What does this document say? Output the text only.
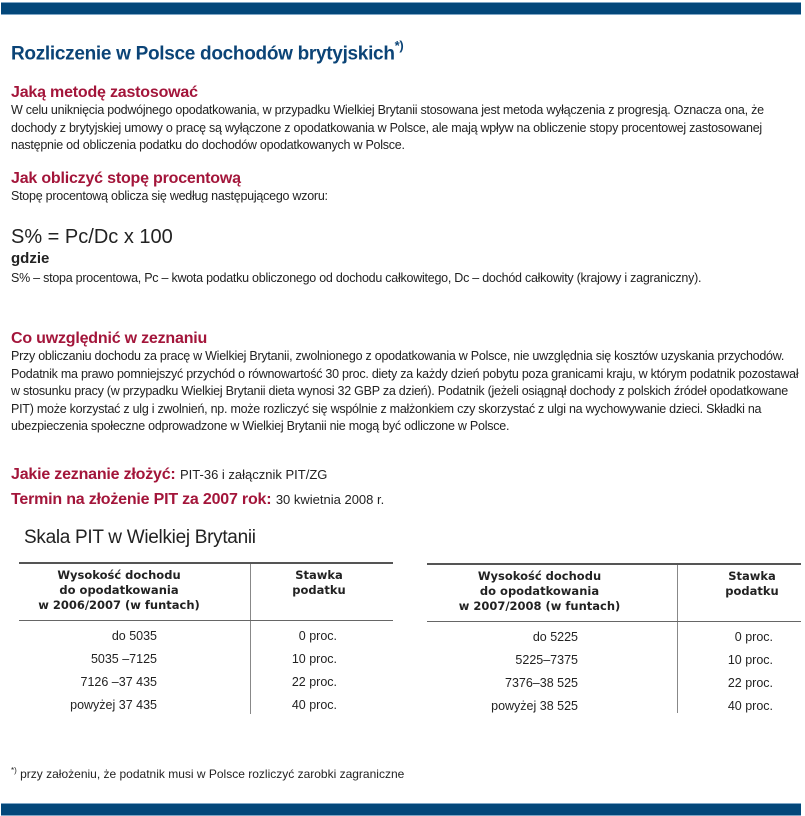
Rozliczenie w Polsce dochodów brytyjskich*)
Jaką metodę zastosować
W celu uniknięcia podwójnego opodatkowania, w przypadku Wielkiej Brytanii stosowana jest metoda wyłączenia z progresją. Oznacza ona, że dochody z brytyjskiej umowy o pracę są wyłączone z opodatkowania w Polsce, ale mają wpływ na obliczenie stopy procentowej zastosowanej następnie od obliczenia podatku do dochodów opodatkowanych w Polsce.
Jak obliczyć stopę procentową
Stopę procentową oblicza się według następującego wzoru:
S% = Pc/Dc x 100
gdzie
S% – stopa procentowa, Pc – kwota podatku obliczonego od dochodu całkowitego, Dc – dochód całkowity (krajowy i zagraniczny).
Co uwzględnić w zeznaniu
Przy obliczaniu dochodu za pracę w Wielkiej Brytanii, zwolnionego z opodatkowania w Polsce, nie uwzględnia się kosztów uzyskania przychodów. Podatnik ma prawo pomniejszyć przychód o równowartość 30 proc. diety za każdy dzień pobytu poza granicami kraju, w którym podatnik pozostawał w stosunku pracy (w przypadku Wielkiej Brytanii dieta wynosi 32 GBP za dzień). Podatnik (jeżeli osiągnął dochody z polskich źródeł opodatkowane PIT) może korzystać z ulg i zwolnień, np. może rozliczyć się wspólnie z małżonkiem czy skorzystać z ulgi na wychowywanie dzieci. Składki na ubezpieczenia społeczne odprowadzone w Wielkiej Brytanii nie mogą być odliczone w Polsce.
Jakie zeznanie złożyć: PIT-36 i załącznik PIT/ZG
Termin na złożenie PIT za 2007 rok: 30 kwietnia 2008 r.
Skala PIT w Wielkiej Brytanii
Wysokość dochodu
do opodatkowania
w 2006/2007 (w funtach)
Stawka
podatku
do 5035	0 proc.
5035 –7125	10 proc.
7126 –37 435	22 proc.
powyżej 37 435	40 proc.
Wysokość dochodu
do opodatkowania
w 2007/2008 (w funtach)
Stawka
podatku
do 5225	0 proc.
5225–7375	10 proc.
7376–38 525	22 proc.
powyżej 38 525	40 proc.
*) przy założeniu, że podatnik musi w Polsce rozliczyć zarobki zagraniczne
